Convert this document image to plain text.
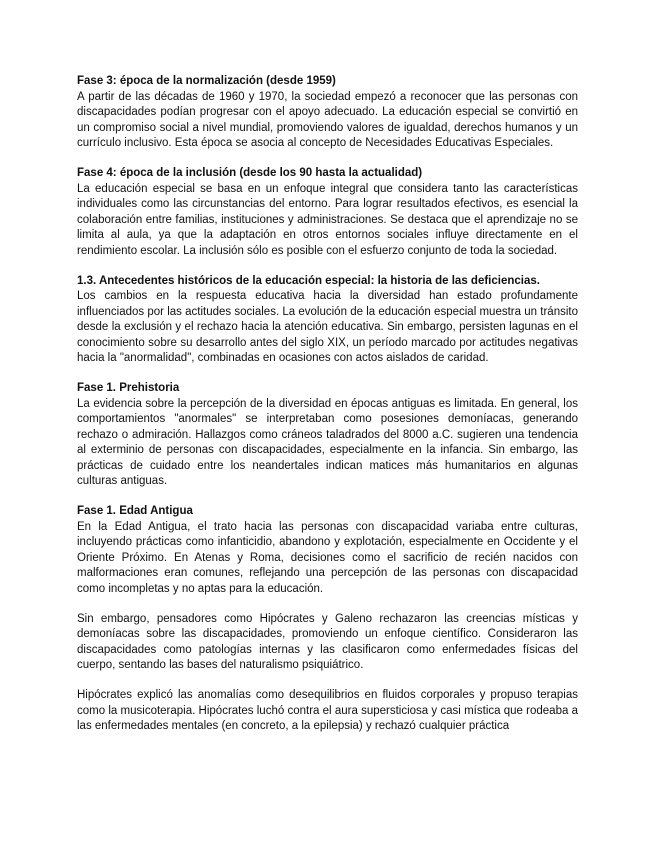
Fase 3: época de la normalización (desde 1959)

A partir de las décadas de 1960 y 1970, la sociedad empezó a reconocer que las personas con discapacidades podían progresar con el apoyo adecuado. La educación especial se convirtió en un compromiso social a nivel mundial, promoviendo valores de igualdad, derechos humanos y un currículo inclusivo. Esta época se asocia al concepto de Necesidades Educativas Especiales.

Fase 4: época de la inclusión (desde los 90 hasta la actualidad)

La educación especial se basa en un enfoque integral que considera tanto las características individuales como las circunstancias del entorno. Para lograr resultados efectivos, es esencial la colaboración entre familias, instituciones y administraciones. Se destaca que el aprendizaje no se limita al aula, ya que la adaptación en otros entornos sociales influye directamente en el rendimiento escolar. La inclusión sólo es posible con el esfuerzo conjunto de toda la sociedad.

1.3. Antecedentes históricos de la educación especial: la historia de las deficiencias.

Los cambios en la respuesta educativa hacia la diversidad han estado profundamente influenciados por las actitudes sociales. La evolución de la educación especial muestra un tránsito desde la exclusión y el rechazo hacia la atención educativa. Sin embargo, persisten lagunas en el conocimiento sobre su desarrollo antes del siglo XIX, un período marcado por actitudes negativas hacia la "anormalidad", combinadas en ocasiones con actos aislados de caridad.

Fase 1. Prehistoria

La evidencia sobre la percepción de la diversidad en épocas antiguas es limitada. En general, los comportamientos "anormales" se interpretaban como posesiones demoníacas, generando rechazo o admiración. Hallazgos como cráneos taladrados del 8000 a.C. sugieren una tendencia al exterminio de personas con discapacidades, especialmente en la infancia. Sin embargo, las prácticas de cuidado entre los neandertales indican matices más humanitarios en algunas culturas antiguas.

Fase 1. Edad Antigua

En la Edad Antigua, el trato hacia las personas con discapacidad variaba entre culturas, incluyendo prácticas como infanticidio, abandono y explotación, especialmente en Occidente y el Oriente Próximo. En Atenas y Roma, decisiones como el sacrificio de recién nacidos con malformaciones eran comunes, reflejando una percepción de las personas con discapacidad como incompletas y no aptas para la educación.

Sin embargo, pensadores como Hipócrates y Galeno rechazaron las creencias místicas y demoníacas sobre las discapacidades, promoviendo un enfoque científico. Consideraron las discapacidades como patologías internas y las clasificaron como enfermedades físicas del cuerpo, sentando las bases del naturalismo psiquiátrico.

Hipócrates explicó las anomalías como desequilibrios en fluidos corporales y propuso terapias como la musicoterapia. Hipócrates luchó contra el aura supersticiosa y casi mística que rodeaba a las enfermedades mentales (en concreto, a la epilepsia) y rechazó cualquier práctica
